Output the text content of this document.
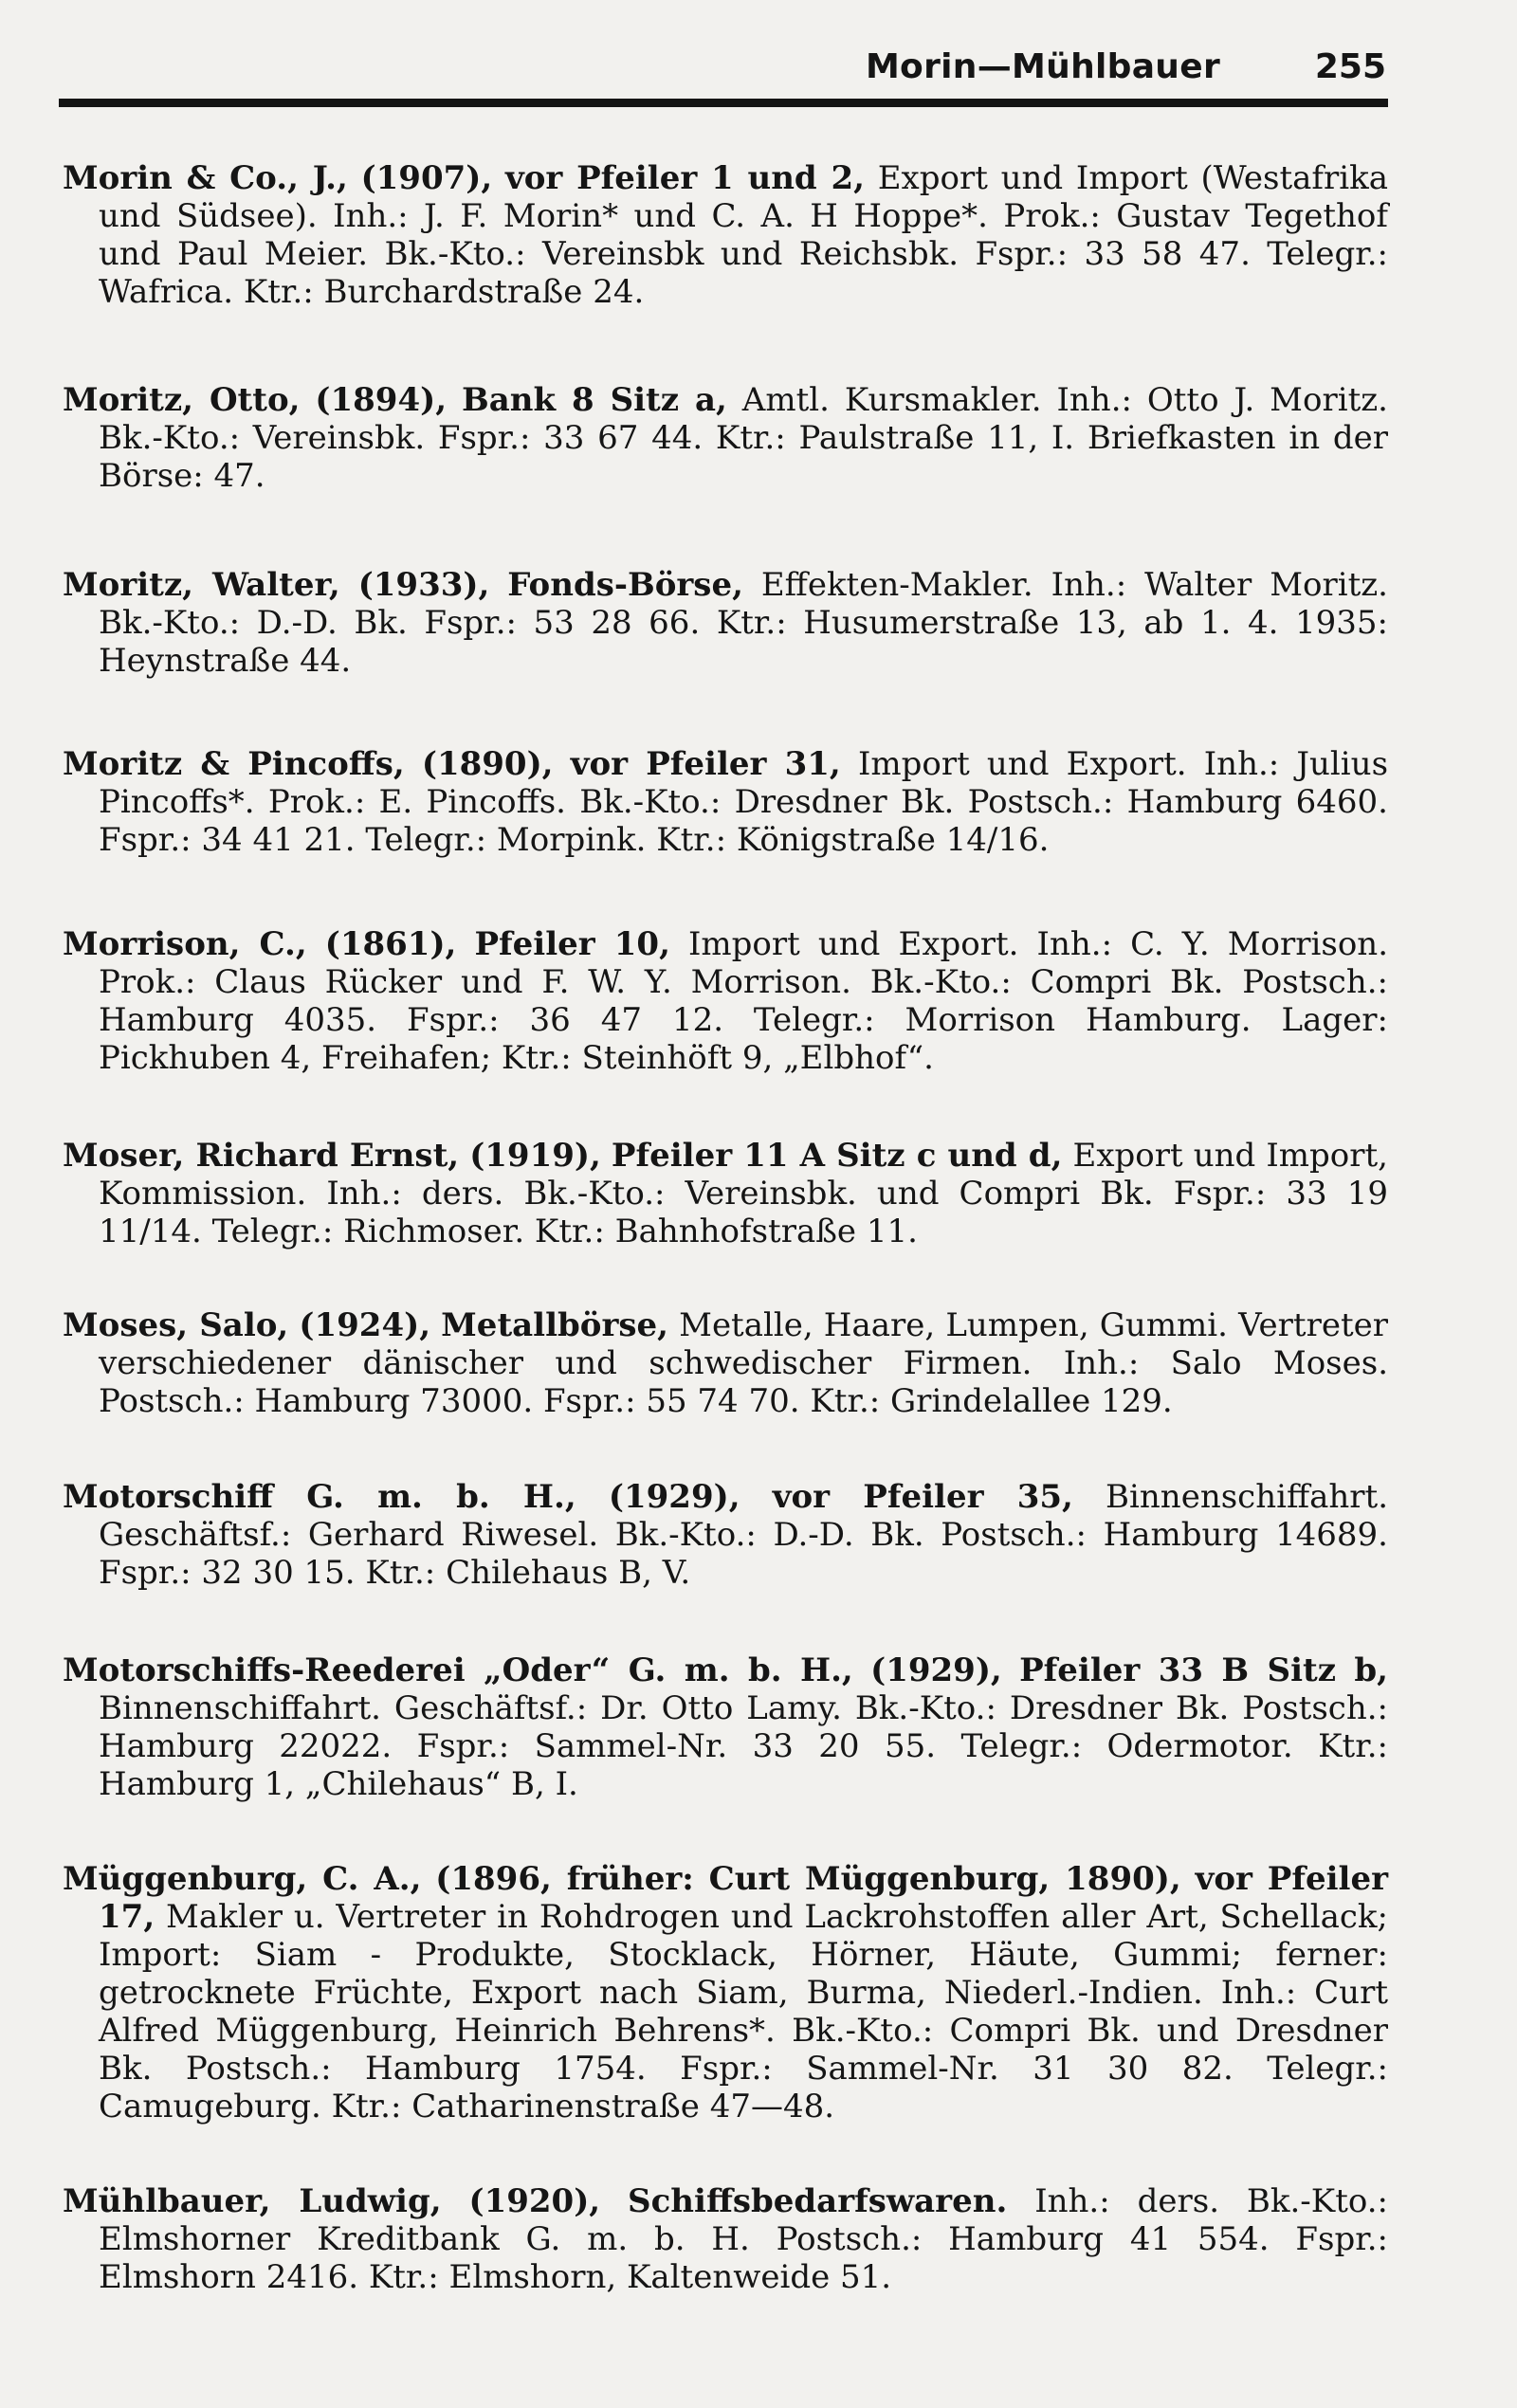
Morin—Mühlbauer	255
Morin & Co., J., (1907), vor Pfeiler 1 und 2, Export und Import (Westafrika und Südsee). Inh.: J. F. Morin* und C. A. H Hoppe*. Prok.: Gustav Tegethof und Paul Meier. Bk.-Kto.: Vereinsbk und Reichsbk. Fspr.: 33 58 47. Telegr.: Wafrica. Ktr.: Burchardstraße 24.
Moritz, Otto, (1894), Bank 8 Sitz a, Amtl. Kursmakler. Inh.: Otto J. Moritz. Bk.-Kto.: Vereinsbk. Fspr.: 33 67 44. Ktr.: Paulstraße 11, I. Briefkasten in der Börse: 47.
Moritz, Walter, (1933), Fonds-Börse, Effekten-Makler. Inh.: Walter Moritz. Bk.-Kto.: D.-D. Bk. Fspr.: 53 28 66. Ktr.: Husumerstraße 13, ab 1. 4. 1935: Heynstraße 44.
Moritz & Pincoffs, (1890), vor Pfeiler 31, Import und Export. Inh.: Julius Pincoffs*. Prok.: E. Pincoffs. Bk.-Kto.: Dresdner Bk. Postsch.: Hamburg 6460. Fspr.: 34 41 21. Telegr.: Morpink. Ktr.: Königstraße 14/16.
Morrison, C., (1861), Pfeiler 10, Import und Export. Inh.: C. Y. Morrison. Prok.: Claus Rücker und F. W. Y. Morrison. Bk.-Kto.: Compri Bk. Postsch.: Hamburg 4035. Fspr.: 36 47 12. Telegr.: Morrison Hamburg. Lager: Pickhuben 4, Freihafen; Ktr.: Steinhöft 9, „Elbhof“.
Moser, Richard Ernst, (1919), Pfeiler 11 A Sitz c und d, Export und Import, Kommission. Inh.: ders. Bk.-Kto.: Vereinsbk. und Compri Bk. Fspr.: 33 19 11/14. Telegr.: Richmoser. Ktr.: Bahnhofstraße 11.
Moses, Salo, (1924), Metallbörse, Metalle, Haare, Lumpen, Gummi. Vertreter verschiedener dänischer und schwedischer Firmen. Inh.: Salo Moses. Postsch.: Hamburg 73000. Fspr.: 55 74 70. Ktr.: Grindelallee 129.
Motorschiff G. m. b. H., (1929), vor Pfeiler 35, Binnenschiffahrt. Geschäftsf.: Gerhard Riwesel. Bk.-Kto.: D.-D. Bk. Postsch.: Hamburg 14689. Fspr.: 32 30 15. Ktr.: Chilehaus B, V.
Motorschiffs-Reederei „Oder“ G. m. b. H., (1929), Pfeiler 33 B Sitz b, Binnenschiffahrt. Geschäftsf.: Dr. Otto Lamy. Bk.-Kto.: Dresdner Bk. Postsch.: Hamburg 22022. Fspr.: Sammel-Nr. 33 20 55. Telegr.: Odermotor. Ktr.: Hamburg 1, „Chilehaus“ B, I.
Müggenburg, C. A., (1896, früher: Curt Müggenburg, 1890), vor Pfeiler 17, Makler u. Vertreter in Rohdrogen und Lackrohstoffen aller Art, Schellack; Import: Siam - Produkte, Stocklack, Hörner, Häute, Gummi; ferner: getrocknete Früchte, Export nach Siam, Burma, Niederl.-Indien. Inh.: Curt Alfred Müggenburg, Heinrich Behrens*. Bk.-Kto.: Compri Bk. und Dresdner Bk. Postsch.: Hamburg 1754. Fspr.: Sammel-Nr. 31 30 82. Telegr.: Camugeburg. Ktr.: Catharinenstraße 47—48.
Mühlbauer, Ludwig, (1920), Schiffsbedarfswaren. Inh.: ders. Bk.-Kto.: Elmshorner Kreditbank G. m. b. H. Postsch.: Hamburg 41 554. Fspr.: Elmshorn 2416. Ktr.: Elmshorn, Kaltenweide 51.
